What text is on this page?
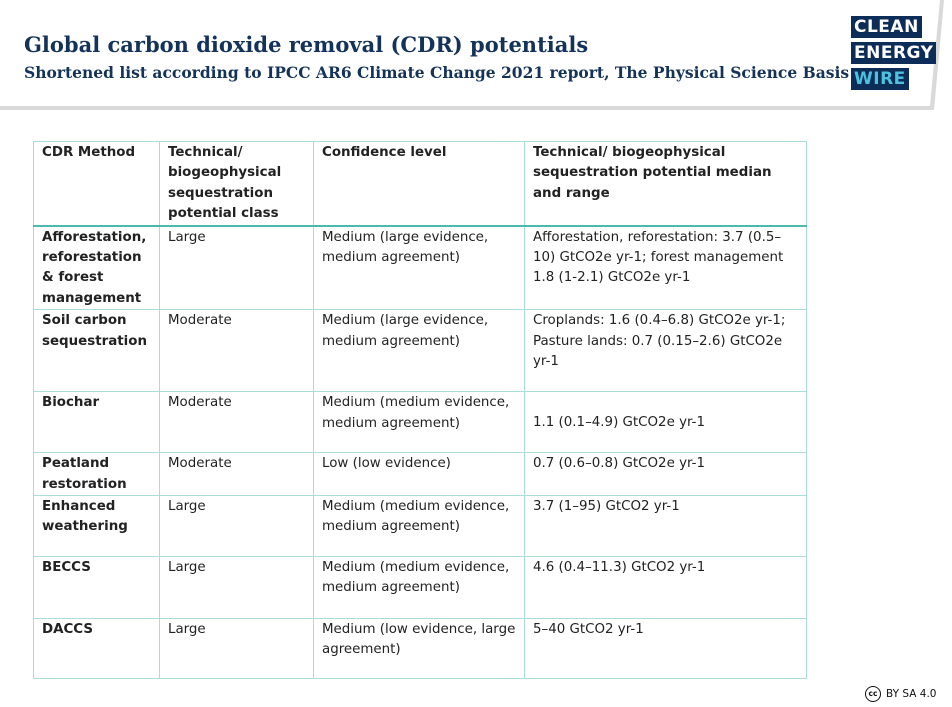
Global carbon dioxide removal (CDR) potentials
Shortened list according to IPCC AR6 Climate Change 2021 report, The Physical Science Basis
CLEAN
ENERGY
WIRE
CDR Method	Technical/ biogeophysical sequestration potential class	Confidence level	Technical/ biogeophysical sequestration potential median and range
Afforestation, reforestation & forest management	Large	Medium (large evidence, medium agreement)	Afforestation, reforestation: 3.7 (0.5–10) GtCO2e yr-1; forest management 1.8 (1-2.1) GtCO2e yr-1
Soil carbon sequestration	Moderate	Medium (large evidence, medium agreement)	Croplands: 1.6 (0.4–6.8) GtCO2e yr-1; Pasture lands: 0.7 (0.15–2.6) GtCO2e yr-1
Biochar	Moderate	Medium (medium evidence, medium agreement)	1.1 (0.1–4.9) GtCO2e yr-1

Peatland restoration	Moderate	Low (low evidence)	0.7 (0.6–0.8) GtCO2e yr-1
Enhanced weathering	Large	Medium (medium evidence, medium agreement)	3.7 (1–95) GtCO2 yr-1
BECCS	Large	Medium (medium evidence, medium agreement)	4.6 (0.4–11.3) GtCO2 yr-1
DACCS	Large	Medium (low evidence, large agreement)	5–40 GtCO2 yr-1
cc BY SA 4.0
